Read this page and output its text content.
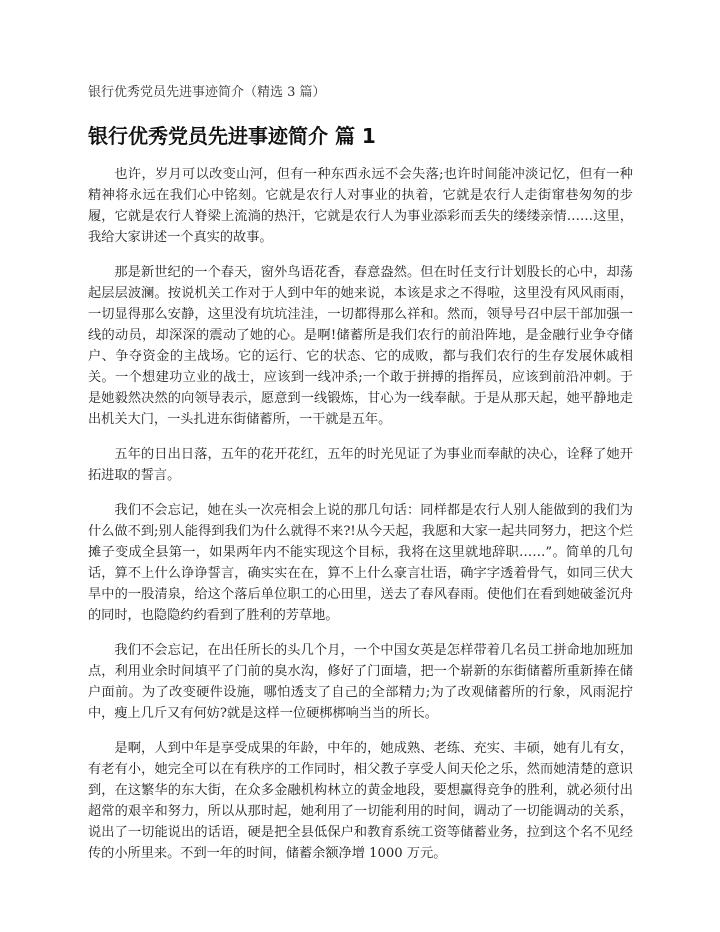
银行优秀党员先进事迹简介（精选 3 篇）

银行优秀党员先进事迹简介 篇 1

也许，岁月可以改变山河，但有一种东西永远不会失落;也许时间能冲淡记忆，但有一种精神将永远在我们心中铭刻。它就是农行人对事业的执着，它就是农行人走街窜巷匆匆的步履，它就是农行人脊梁上流淌的热汗，它就是农行人为事业添彩而丢失的缕缕亲情……这里，我给大家讲述一个真实的故事。

那是新世纪的一个春天，窗外鸟语花香，春意盎然。但在时任支行计划股长的心中，却荡起层层波澜。按说机关工作对于人到中年的她来说，本该是求之不得啦，这里没有风风雨雨，一切显得那么安静，这里没有坑坑洼洼，一切都得那么祥和。然而，领导号召中层干部加强一线的动员，却深深的震动了她的心。是啊!储蓄所是我们农行的前沿阵地，是金融行业争夺储户、争夺资金的主战场。它的运行、它的状态、它的成败，都与我们农行的生存发展休戚相关。一个想建功立业的战士，应该到一线冲杀;一个敢于拼搏的指挥员，应该到前沿冲刺。于是她毅然决然的向领导表示，愿意到一线锻炼，甘心为一线奉献。于是从那天起，她平静地走出机关大门，一头扎进东街储蓄所，一干就是五年。

五年的日出日落，五年的花开花红，五年的时光见证了为事业而奉献的决心，诠释了她开拓进取的誓言。

我们不会忘记，她在头一次亮相会上说的那几句话：同样都是农行人别人能做到的我们为什么做不到;别人能得到我们为什么就得不来?!从今天起，我愿和大家一起共同努力，把这个烂摊子变成全县第一，如果两年内不能实现这个目标，我将在这里就地辞职……”。简单的几句话，算不上什么诤诤誓言，确实实在在，算不上什么豪言壮语，确字字透着骨气，如同三伏大旱中的一股清泉，给这个落后单位职工的心田里，送去了春风春雨。使他们在看到她破釜沉舟的同时，也隐隐约约看到了胜利的芳草地。

我们不会忘记，在出任所长的头几个月，一个中国女英是怎样带着几名员工拼命地加班加点，利用业余时间填平了门前的臭水沟，修好了门面墙，把一个崭新的东街储蓄所重新捧在储户面前。为了改变硬件设施，哪怕透支了自己的全部精力;为了改观储蓄所的行象，风雨泥拧中，瘦上几斤又有何妨?就是这样一位硬梆梆响当当的所长。

是啊，人到中年是享受成果的年龄，中年的，她成熟、老练、充实、丰硕，她有儿有女，有老有小，她完全可以在有秩序的工作同时，相父教子享受人间天伦之乐，然而她清楚的意识到，在这繁华的东大街，在众多金融机构林立的黄金地段，要想赢得竞争的胜利，就必须付出超常的艰辛和努力，所以从那时起，她利用了一切能利用的时间，调动了一切能调动的关系，说出了一切能说出的话语，硬是把全县低保户和教育系统工资等储蓄业务，拉到这个名不见经传的小所里来。不到一年的时间，储蓄余额净增 1000 万元。
